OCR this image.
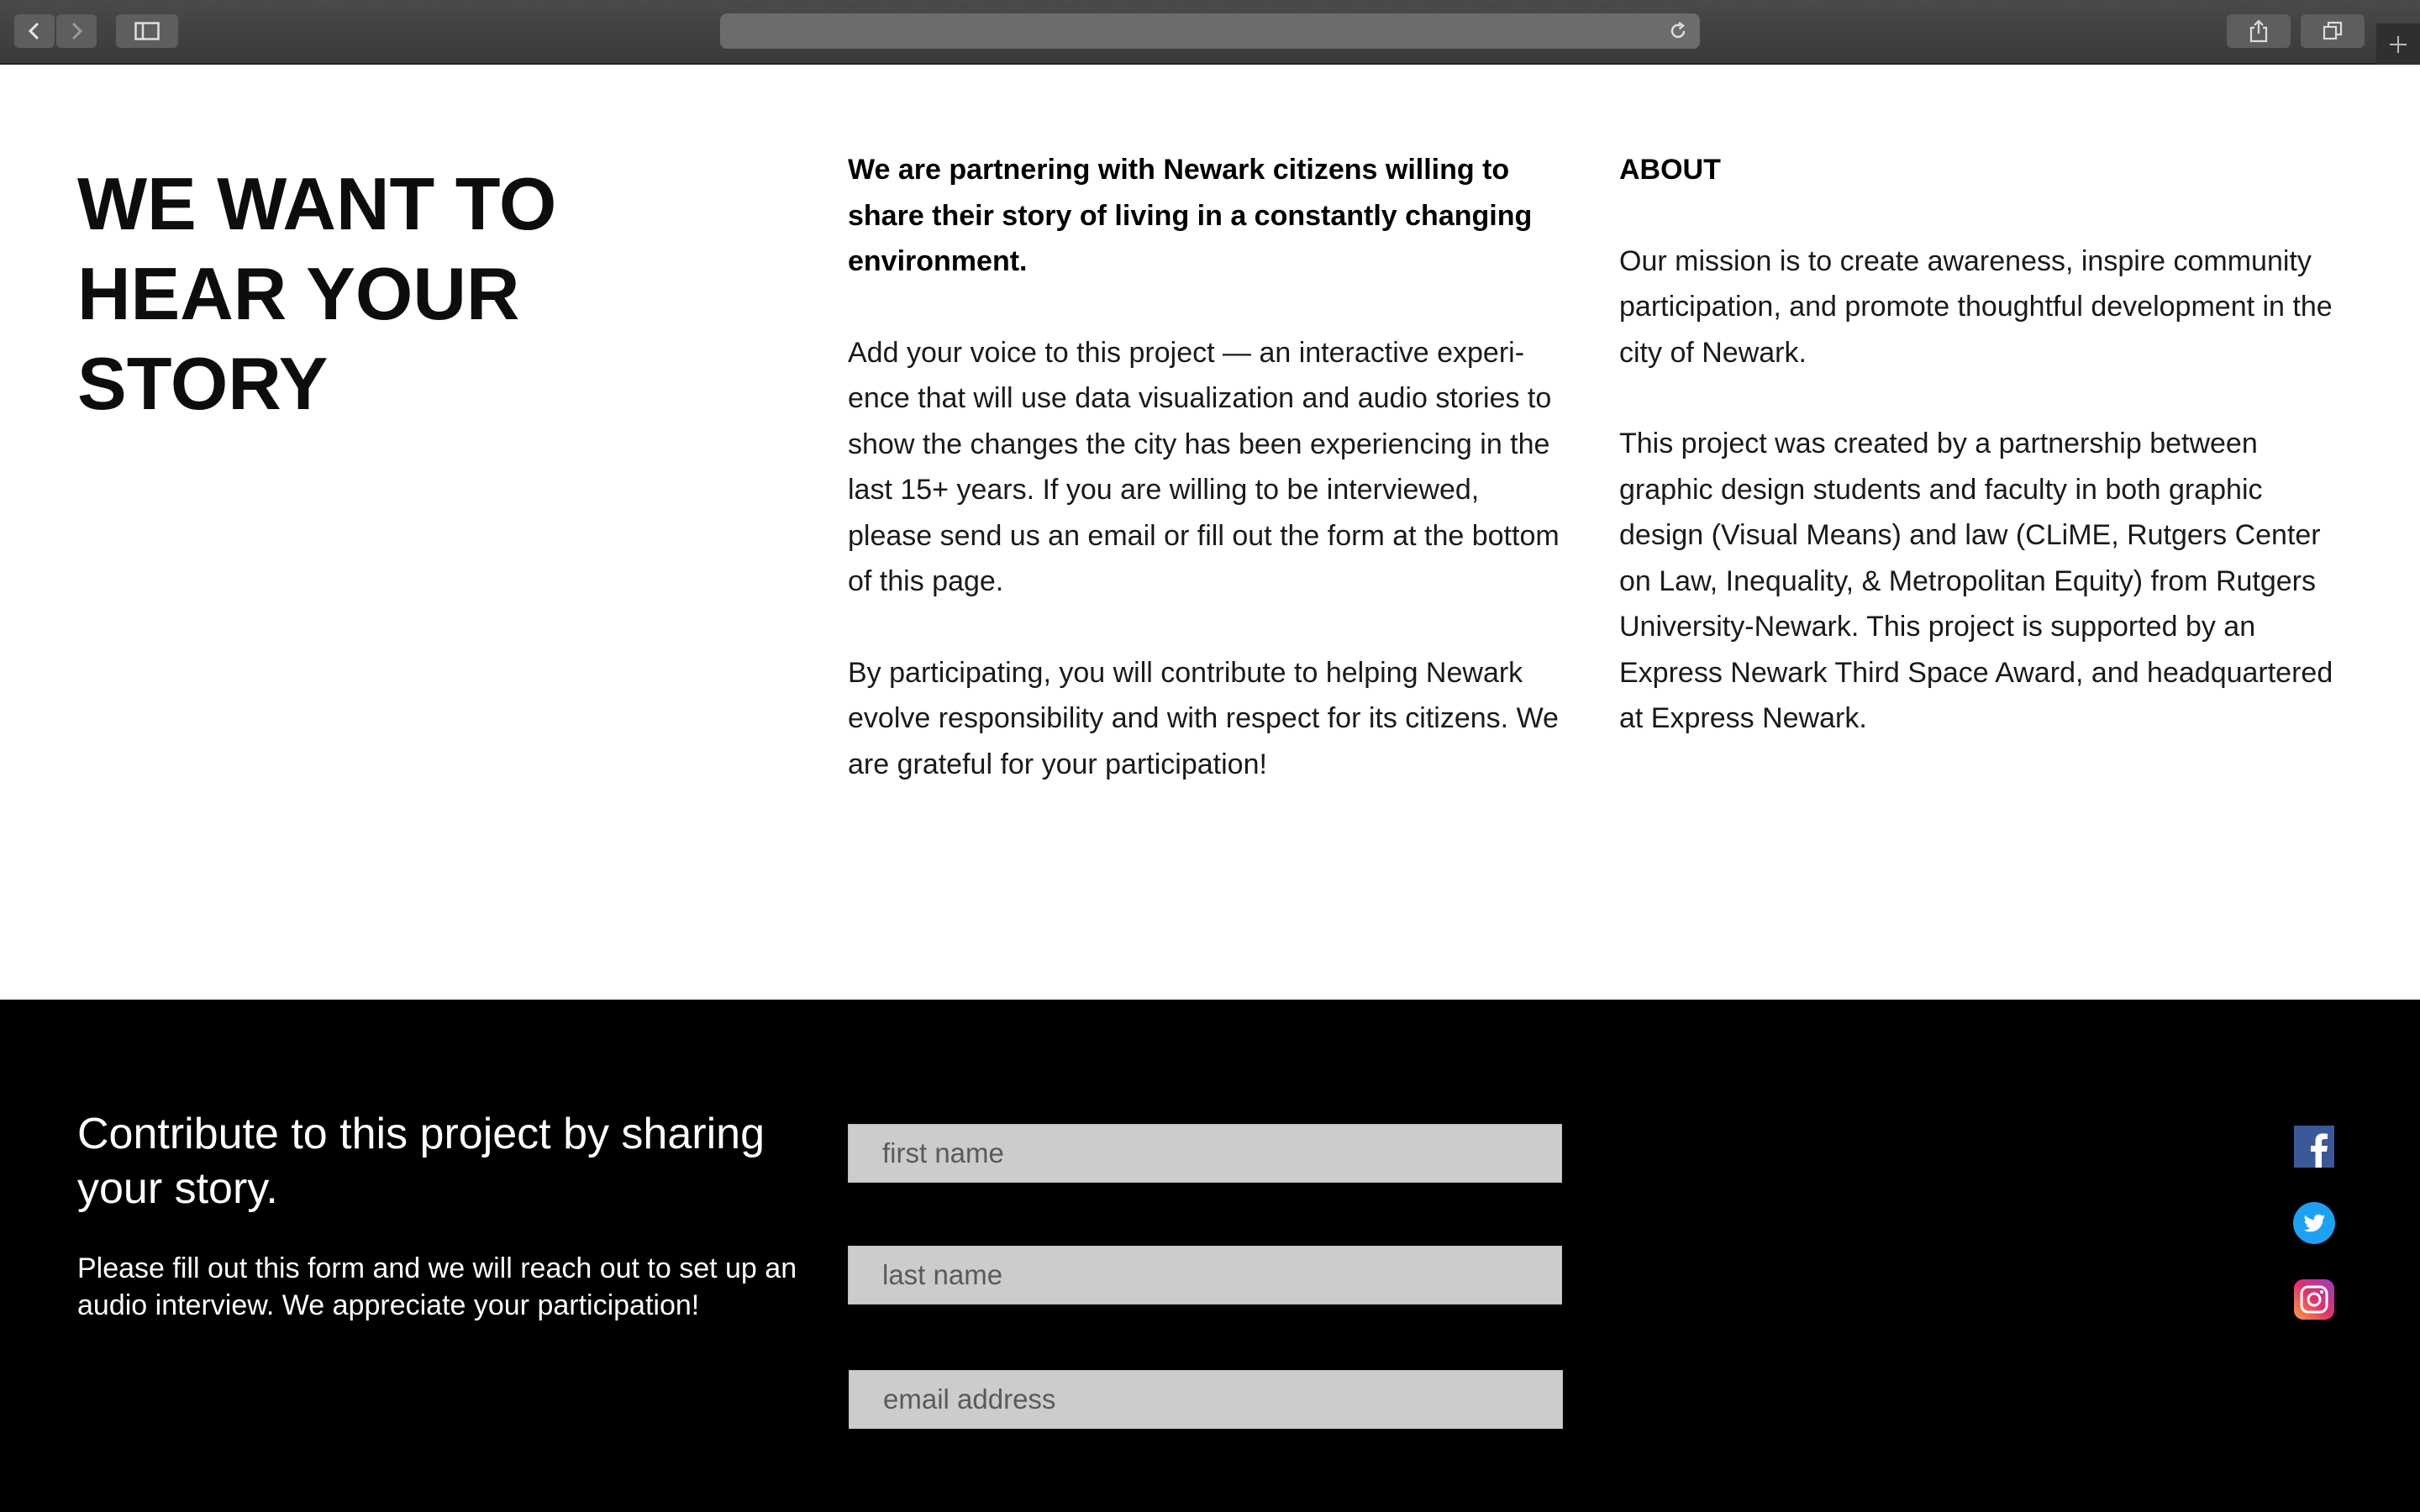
WE WANT TO HEAR YOUR STORY

We are partnering with Newark citizens willing to share their story of living in a constantly changing environment.

Add your voice to this project — an interactive experience that will use data visualization and audio stories to show the changes the city has been experiencing in the last 15+ years. If you are willing to be interviewed, please send us an email or fill out the form at the bottom of this page.

By participating, you will contribute to helping Newark evolve responsibility and with respect for its citizens. We are grateful for your participation!

ABOUT

Our mission is to create awareness, inspire community participation, and promote thoughtful development in the city of Newark.

This project was created by a partnership between graphic design students and faculty in both graphic design (Visual Means) and law (CLiME, Rutgers Center on Law, Inequality, & Metropolitan Equity) from Rutgers University-Newark. This project is supported by an Express Newark Third Space Award, and headquartered at Express Newark.

Contribute to this project by sharing your story.
Please fill out this form and we will reach out to set up an audio interview. We appreciate your participation!
first name
last name
email address
